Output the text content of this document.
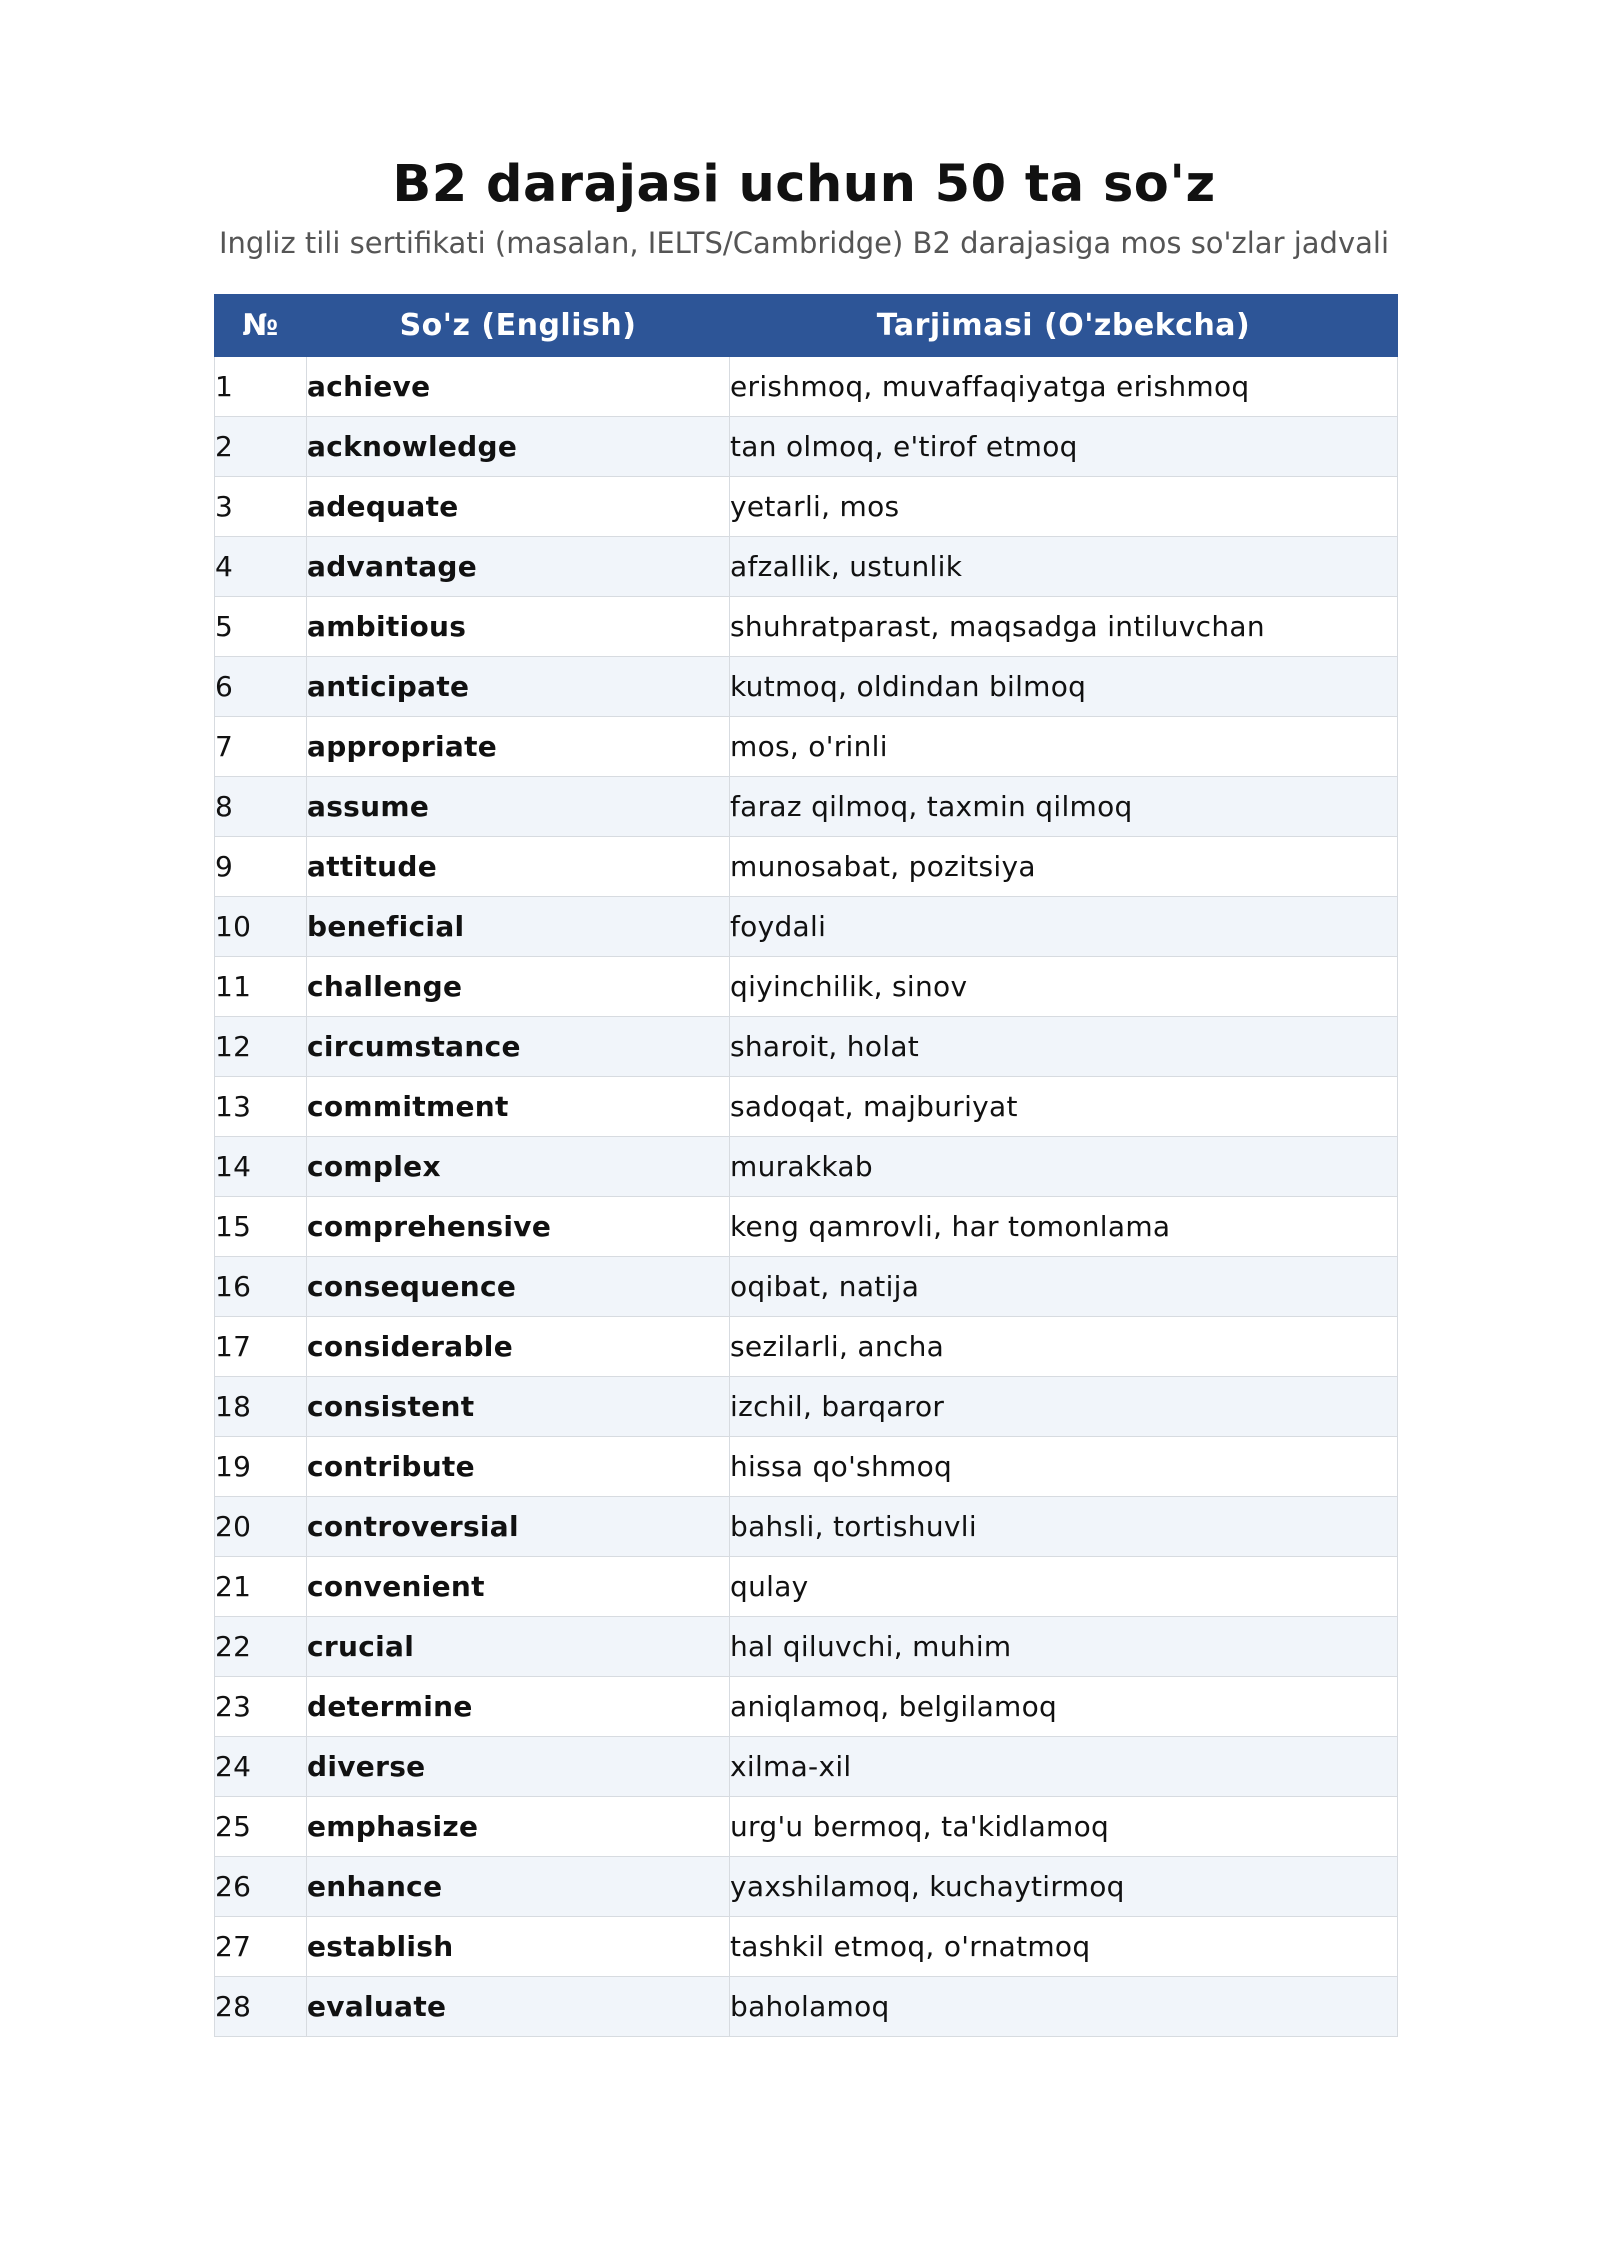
B2 darajasi uchun 50 ta so'z
Ingliz tili sertifikati (masalan, IELTS/Cambridge) B2 darajasiga mos so'zlar jadvali
№	So'z (English)	Tarjimasi (O'zbekcha)
1	achieve	erishmoq, muvaffaqiyatga erishmoq
2	acknowledge	tan olmoq, e'tirof etmoq
3	adequate	yetarli, mos
4	advantage	afzallik, ustunlik
5	ambitious	shuhratparast, maqsadga intiluvchan
6	anticipate	kutmoq, oldindan bilmoq
7	appropriate	mos, o'rinli
8	assume	faraz qilmoq, taxmin qilmoq
9	attitude	munosabat, pozitsiya
10	beneficial	foydali
11	challenge	qiyinchilik, sinov
12	circumstance	sharoit, holat
13	commitment	sadoqat, majburiyat
14	complex	murakkab
15	comprehensive	keng qamrovli, har tomonlama
16	consequence	oqibat, natija
17	considerable	sezilarli, ancha
18	consistent	izchil, barqaror
19	contribute	hissa qo'shmoq
20	controversial	bahsli, tortishuvli
21	convenient	qulay
22	crucial	hal qiluvchi, muhim
23	determine	aniqlamoq, belgilamoq
24	diverse	xilma-xil
25	emphasize	urg'u bermoq, ta'kidlamoq
26	enhance	yaxshilamoq, kuchaytirmoq
27	establish	tashkil etmoq, o'rnatmoq
28	evaluate	baholamoq
